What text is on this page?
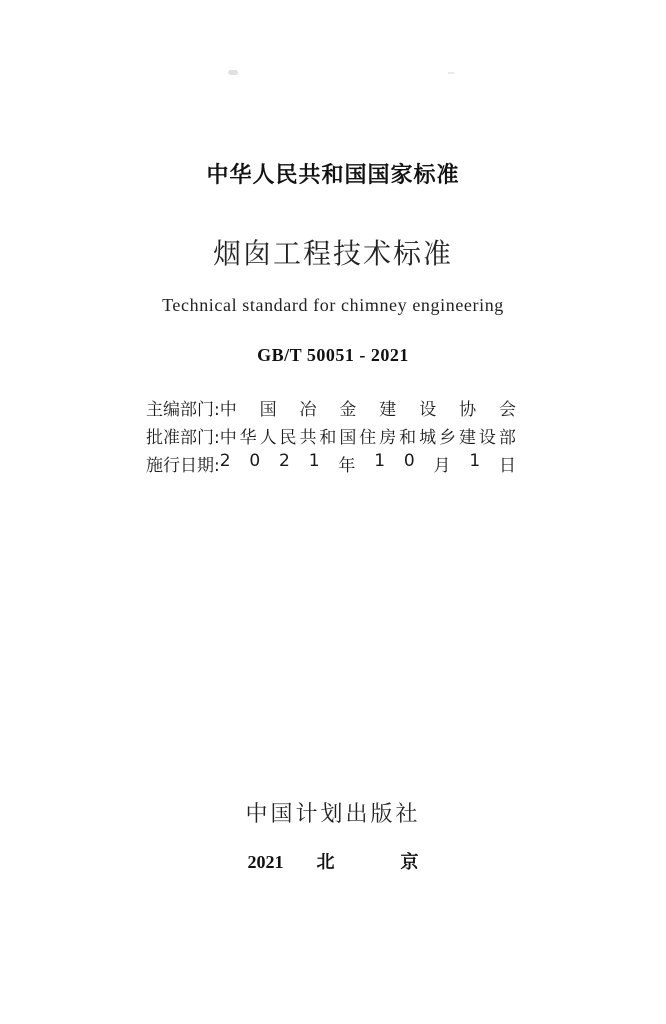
中华人民共和国国家标准
烟囱工程技术标准
Technical standard for chimney engineering
GB/T 50051 - 2021
主编部门: 中 国 冶 金 建 设 协 会
批准部门: 中 华 人 民 共 和 国 住 房 和 城 乡 建 设 部
施行日期: 2 0 2 1 年 1 0 月 1 日
中国计划出版社
2021  北    京
